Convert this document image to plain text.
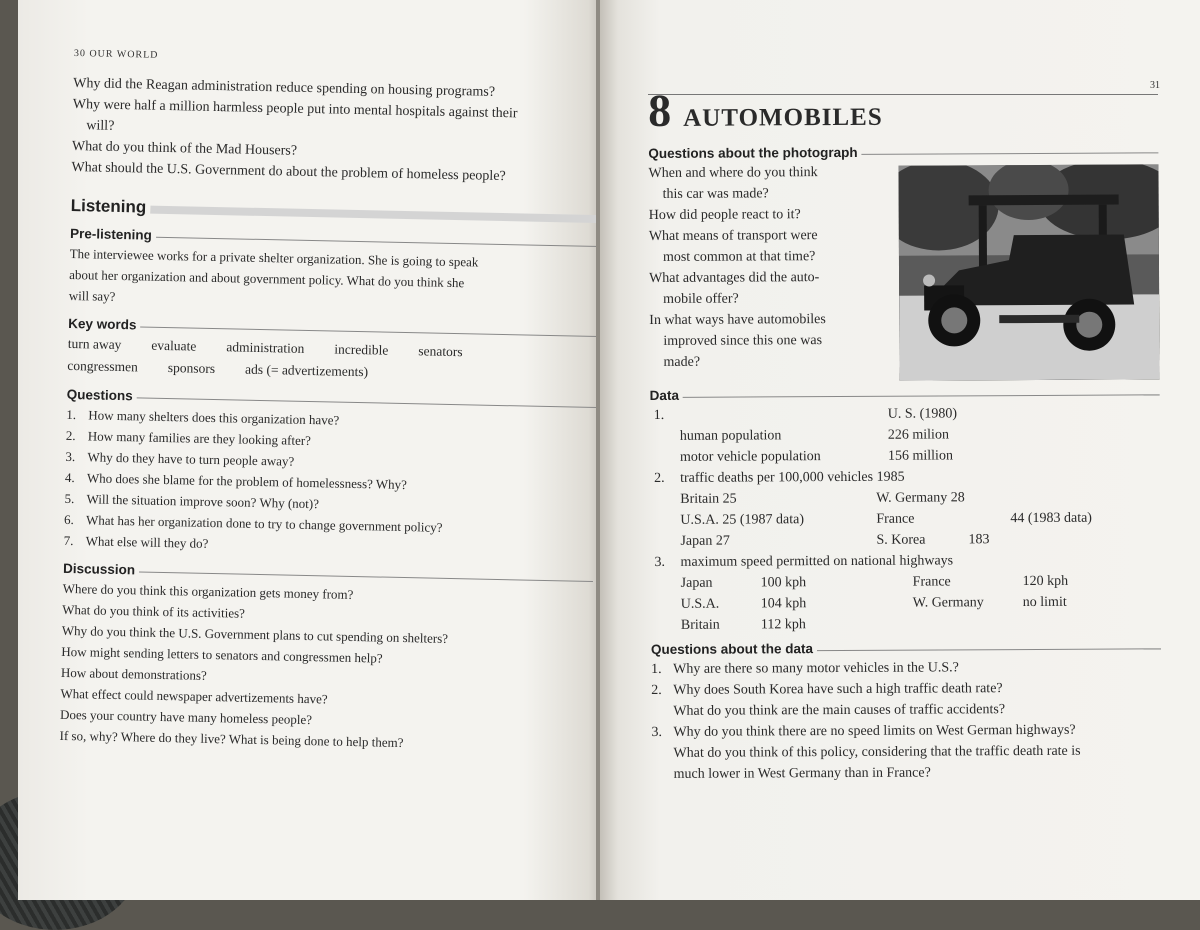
30 OUR WORLD
Why did the Reagan administration reduce spending on housing programs?
Why were half a million harmless people put into mental hospitals against their
will?
What do you think of the Mad Housers?
What should the U.S. Government do about the problem of homeless people?
Listening
Pre-listening
The interviewee works for a private shelter organization. She is going to speak
about her organization and about government policy. What do you think she
will say?
Key words
turn away evaluate administration incredible senators
congressmen sponsors ads (= advertizements)
Questions
1. How many shelters does this organization have?
2. How many families are they looking after?
3. Why do they have to turn people away?
4. Who does she blame for the problem of homelessness? Why?
5. Will the situation improve soon? Why (not)?
6. What has her organization done to try to change government policy?
7. What else will they do?
Discussion
Where do you think this organization gets money from?
What do you think of its activities?
Why do you think the U.S. Government plans to cut spending on shelters?
How might sending letters to senators and congressmen help?
How about demonstrations?
What effect could newspaper advertizements have?
Does your country have many homeless people?
If so, why? Where do they live? What is being done to help them?
31
8 AUTOMOBILES
Questions about the photograph
When and where do you think
this car was made?
How did people react to it?
What means of transport were
most common at that time?
What advantages did the auto-
mobile offer?
In what ways have automobiles
improved since this one was
made?
Data
1.	U. S. (1980)
human population	226 milion
motor vehicle population	156 million
2. traffic deaths per 100,000 vehicles 1985
Britain 25	W. Germany 28
U.S.A. 25 (1987 data)	France	44 (1983 data)
Japan 27	S. Korea	183
3. maximum speed permitted on national highways
Japan	100 kph	France	120 kph
U.S.A.	104 kph	W. Germany	no limit
Britain	112 kph
Questions about the data
1. Why are there so many motor vehicles in the U.S.?
2. Why does South Korea have such a high traffic death rate?
What do you think are the main causes of traffic accidents?
3. Why do you think there are no speed limits on West German highways?
What do you think of this policy, considering that the traffic death rate is
much lower in West Germany than in France?
